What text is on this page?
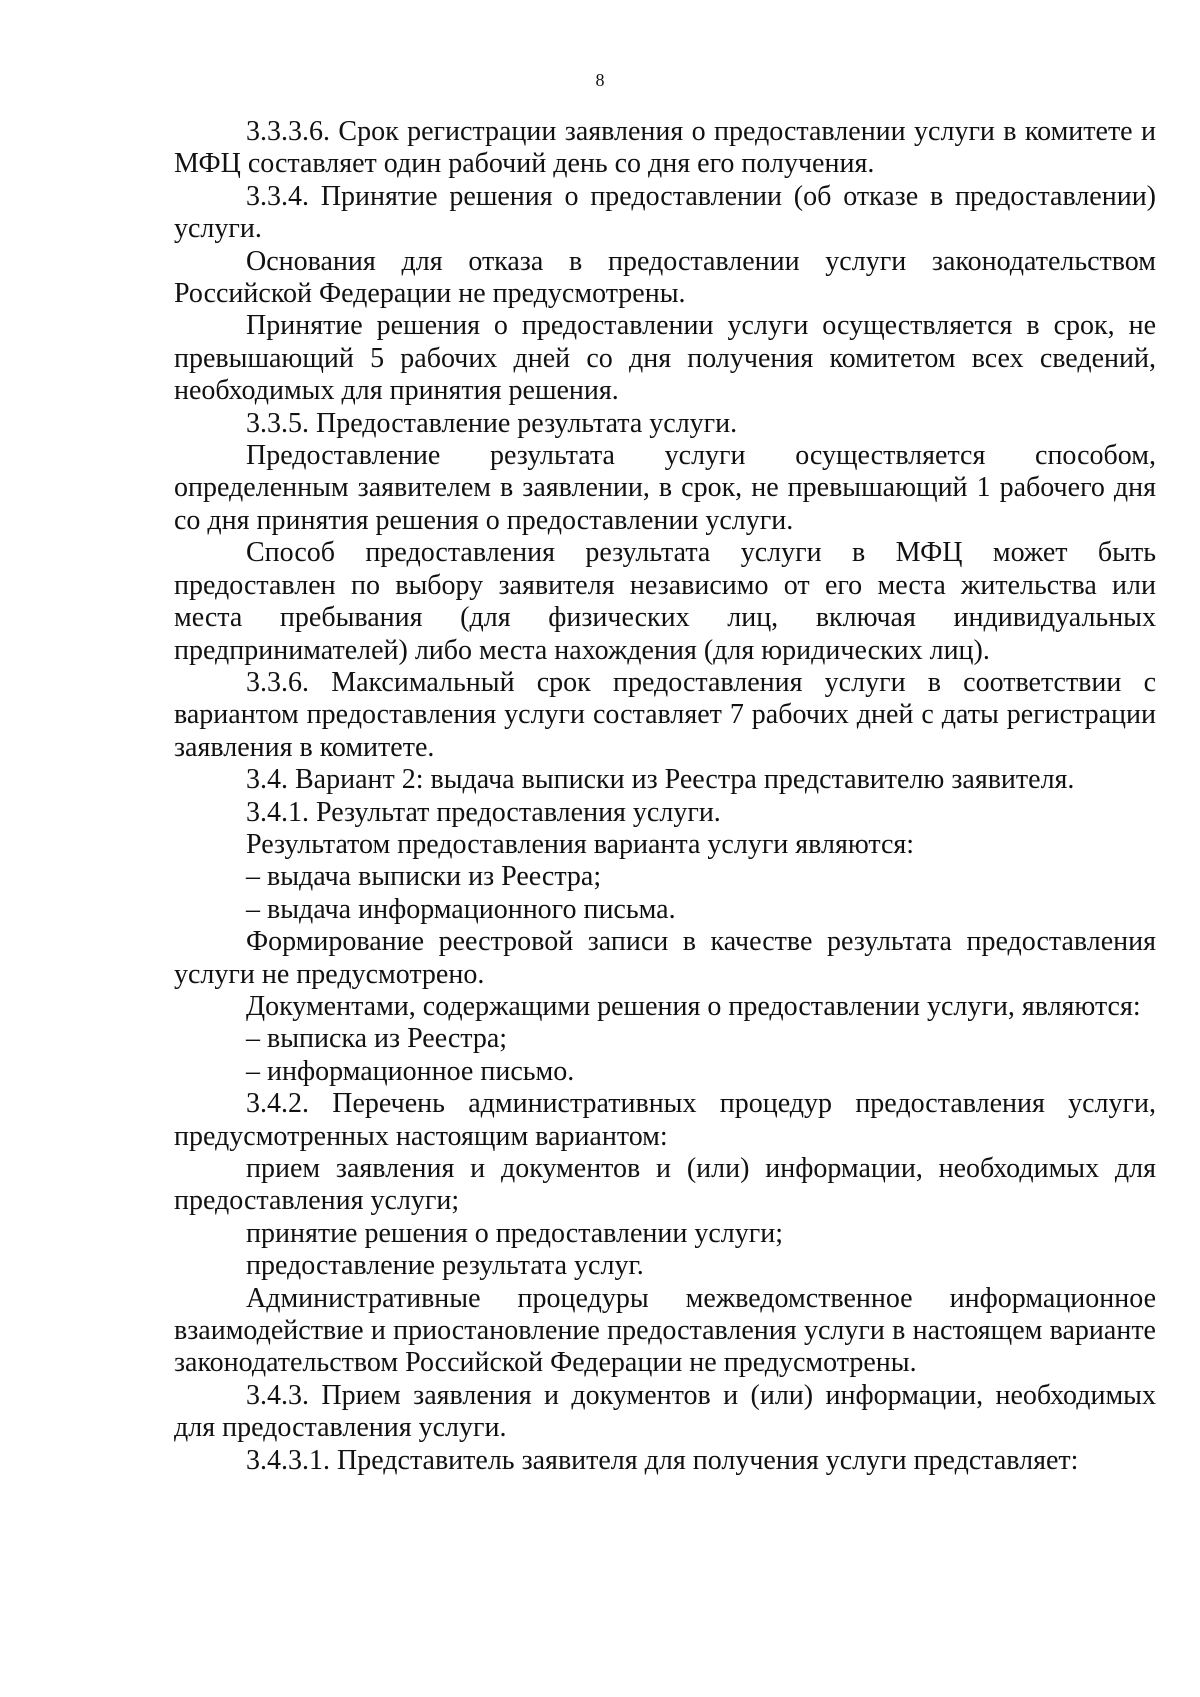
8

3.3.3.6. Срок регистрации заявления о предоставлении услуги в комитете и МФЦ составляет один рабочий день со дня его получения.

3.3.4. Принятие решения о предоставлении (об отказе в предоставлении) услуги.

Основания для отказа в предоставлении услуги законодательством Российской Федерации не предусмотрены.

Принятие решения о предоставлении услуги осуществляется в срок, не превышающий 5 рабочих дней со дня получения комитетом всех сведений, необходимых для принятия решения.

3.3.5. Предоставление результата услуги.

Предоставление результата услуги осуществляется способом, определенным заявителем в заявлении, в срок, не превышающий 1 рабочего дня со дня принятия решения о предоставлении услуги.

Способ предоставления результата услуги в МФЦ может быть предоставлен по выбору заявителя независимо от его места жительства или места пребывания (для физических лиц, включая индивидуальных предпринимателей) либо места нахождения (для юридических лиц).

3.3.6. Максимальный срок предоставления услуги в соответствии с вариантом предоставления услуги составляет 7 рабочих дней с даты регистрации заявления в комитете.

3.4. Вариант 2: выдача выписки из Реестра представителю заявителя.

3.4.1. Результат предоставления услуги.

Результатом предоставления варианта услуги являются:

– выдача выписки из Реестра;

– выдача информационного письма.

Формирование реестровой записи в качестве результата предоставления услуги не предусмотрено.

Документами, содержащими решения о предоставлении услуги, являются:

– выписка из Реестра;

– информационное письмо.

3.4.2. Перечень административных процедур предоставления услуги, предусмотренных настоящим вариантом:

прием заявления и документов и (или) информации, необходимых для предоставления услуги;

принятие решения о предоставлении услуги;

предоставление результата услуг.

Административные процедуры межведомственное информационное взаимодействие и приостановление предоставления услуги в настоящем варианте законодательством Российской Федерации не предусмотрены.

3.4.3. Прием заявления и документов и (или) информации, необходимых для предоставления услуги.

3.4.3.1. Представитель заявителя для получения услуги представляет:
